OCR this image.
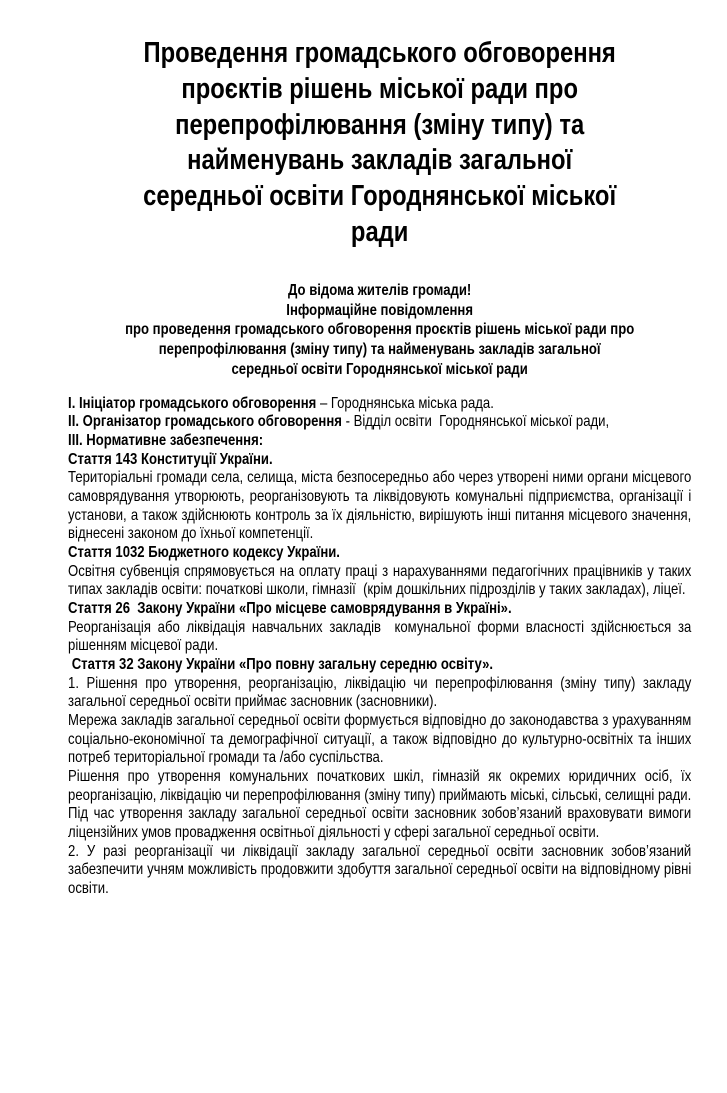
Проведення громадського обговорення
проєктів рішень міської ради про
перепрофілювання (зміну типу) та
найменувань закладів загальної
середньої освіти Городнянської міської
ради
До відома жителів громади!
Інформаційне повідомлення
про проведення громадського обговорення проєктів рішень міської ради про
перепрофілювання (зміну типу) та найменувань закладів загальної
середньої освіти Городнянської міської ради

I. Ініціатор громадського обговорення – Городнянська міська рада.

II. Організатор громадського обговорення - Відділ освіти  Городнянської міської ради,

III. Нормативне забезпечення:

Стаття 143 Конституції України.

Територіальні громади села, селища, міста безпосередньо або через утворені ними органи місцевого самоврядування утворюють, реорганізовують та ліквідовують комунальні підприємства, організації і установи, а також здійснюють контроль за їх діяльністю, вирішують інші питання місцевого значення, віднесені законом до їхньої компетенції.

Стаття 1032 Бюджетного кодексу України.

Освітня субвенція спрямовується на оплату праці з нарахуваннями педагогічних працівників у таких типах закладів освіти: початкові школи, гімназії  (крім дошкільних підрозділів у таких закладах), ліцеї.

Стаття 26  Закону України «Про місцеве самоврядування в Україні».

Реорганізація або ліквідація навчальних закладів  комунальної форми власності здійснюється за рішенням місцевої ради.

Стаття 32 Закону України «Про повну загальну середню освіту».

1. Рішення про утворення, реорганізацію, ліквідацію чи перепрофілювання (зміну типу) закладу загальної середньої освіти приймає засновник (засновники).

Мережа закладів загальної середньої освіти формується відповідно до законодавства з урахуванням соціально-економічної та демографічної ситуації, а також відповідно до культурно-освітніх та інших потреб територіальної громади та /або суспільства.

Рішення про утворення комунальних початкових шкіл, гімназій як окремих юридичних осіб, їх реорганізацію, ліквідацію чи перепрофілювання (зміну типу) приймають міські, сільські, селищні ради.

Під час утворення закладу загальної середньої освіти засновник зобов’язаний враховувати вимоги ліцензійних умов провадження освітньої діяльності у сфері загальної середньої освіти.

2. У разі реорганізації чи ліквідації закладу загальної середньої освіти засновник зобов’язаний забезпечити учням можливість продовжити здобуття загальної середньої освіти на відповідному рівні освіти.
